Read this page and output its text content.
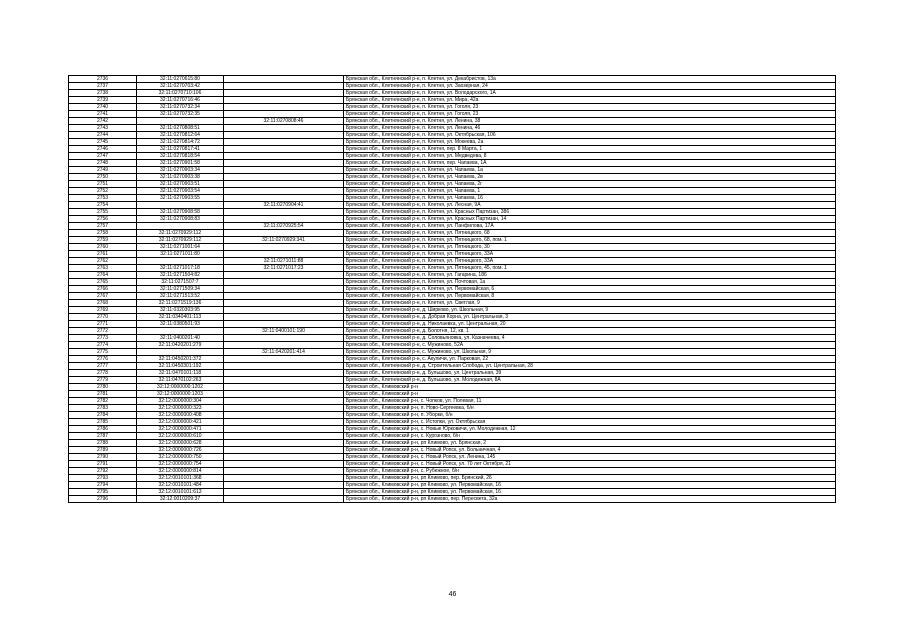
2736	32:11:0270615:80		Брянская обл., Клетнянский р-н, п. Клетня, ул. Декабристов, 13а
2737	32:11:0270703:42		Брянская обл., Клетнянский р-н, п. Клетня, ул. Заозерная, 24
2738	32:11:0270710:106		Брянская обл., Клетнянский р-н, п. Клетня, ул. Володарского, 1А
2739	32:11:0270716:46		Брянская обл., Клетнянский р-н, п. Клетня, ул. Мира, 42а
2740	32:11:0270732:34		Брянская обл., Клетнянский р-н, п. Клетня, ул. Гоголя, 23
2741	32:11:0270732:35		Брянская обл., Клетнянский р-н, п. Клетня, ул. Гоголя, 23
2742		32:11:0270808:46	Брянская обл., Клетнянский р-н, п. Клетня, ул. Ленина, 38
2743	32:11:0270808:51		Брянская обл., Клетнянский р-н, п. Клетня, ул. Ленина, 46
2744	32:11:0270812:64		Брянская обл., Клетнянский р-н, п. Клетня, ул. Октябрьская, 106
2745	32:11:0270814:72		Брянская обл., Клетнянский р-н, п. Клетня, ул. Мокеева, 2а
2746	32:11:0270817:41		Брянская обл., Клетнянский р-н, п. Клетня, пер. 8 Марта, 1
2747	32:11:0270818:54		Брянская обл., Клетнянский р-н, п. Клетня, ул. Медведева, 8
2748	32:11:0270901:58		Брянская обл., Клетнянский р-н, п. Клетня, пер. Чапаева, 1А
2749	32:11:0270903:34		Брянская обл., Клетнянский р-н, п. Клетня, ул. Чапаева, 1а
2750	32:11:0270903:38		Брянская обл., Клетнянский р-н, п. Клетня, ул. Чапаева, 2в
2751	32:11:0270903:51		Брянская обл., Клетнянский р-н, п. Клетня, ул. Чапаева, 2г
2752	32:11:0270903:54		Брянская обл., Клетнянский р-н, п. Клетня, ул. Чапаева, 1
2753	32:11:0270903:55		Брянская обл., Клетнянский р-н, п. Клетня, ул. Чапаева, 16
2754		32:11:0270904:41	Брянская обл., Клетнянский р-н, п. Клетня, ул. Лесная, 9А
2755	32:11:0270908:58		Брянская обл., Клетнянский р-н, п. Клетня, ул. Красных Партизан, 386
2756	32:11:0270908:83		Брянская обл., Клетнянский р-н, п. Клетня, ул. Красных Партизан, 14
2757		32:11:0270925:54	Брянская обл., Клетнянский р-н, п. Клетня, ул. Панфилова, 17А
2758	32:11:0270929:112		Брянская обл., Клетнянский р-н, п. Клетня, ул. Пятницкого, 68
2759	32:11:0270929:112	32:11:0270929:341	Брянская обл., Клетнянский р-н, п. Клетня, ул. Пятницкого, 68, пом. 1
2760	32:11:0271001:64		Брянская обл., Клетнянский р-н, п. Клетня, ул. Пятницкого, 30
2761	32:11:0271011:80		Брянская обл., Клетнянский р-н, п. Клетня, ул. Пятницкого, 33А
2762		32:11:0271011:88	Брянская обл., Клетнянский р-н, п. Клетня, ул. Пятницкого, 33А
2763	32:11:0271017:18	32:11:0271017:23	Брянская обл., Клетнянский р-н, п. Клетня, ул. Пятницкого, 45, пом. 1
2764	32:11:0271504:82		Брянская обл., Клетнянский р-н, п. Клетня, ул. Гагарина, 186
2765	32:11:0271507:7		Брянская обл., Клетнянский р-н, п. Клетня, ул. Почтовая, 1а
2766	32:11:0271509:34		Брянская обл., Клетнянский р-н, п. Клетня, ул. Первомайская, 6
2767	32:11:0271513:52		Брянская обл., Клетнянский р-н, п. Клетня, ул. Первомайская, 8
2768	32:11:0271519:136		Брянская обл., Клетнянский р-н, п. Клетня, ул. Светлая, 9
2769	32:11:0320303:95		Брянская обл., Клетнянский р-н, д. Ширково, ул. Школьная, 9
2770	32:11:0340401:113		Брянская обл., Клетнянский р-н, д. Добрая Корна, ул. Центральная, 3
2771	32:11:0380501:93		Брянская обл., Клетнянский р-н, д. Николаевка, ул. Центральная, 20
2772		32:11:0400101:190	Брянская обл., Клетнянский р-н, д. Болотня, 12, кв. 1
2773	32:11:0400201:40		Брянская обл., Клетнянский р-н, д. Соловьяновка, ул. Казначеева, 4
2774	32:11:0420201:279		Брянская обл., Клетнянский р-н, с. Мужиново, 52А
2775		32:11:0420201:414	Брянская обл., Клетнянский р-н, с. Мужиново, ул. Школьная, 9
2776	32:11:0450201:372		Брянская обл., Клетнянский р-н, с. Акуличи, ул. Парковая, 22
2777	32:11:0450301:192		Брянская обл., Клетнянский р-н, д. Строительная Слобода, ул. Центральная, 28
2778	32:11:0470101:118		Брянская обл., Клетнянский р-н, д. Бульшово, ул. Центральная, 39
2779	32:11:0470102:263		Брянская обл., Клетнянский р-н, д. Бульшово, ул. Молодежная, 8А
2780	32:12:0000000:1202		Брянская обл., Климовский р-н
2781	32:12:0000000:1203		Брянская обл., Климовский р-н
2782	32:12:0000000:304		Брянская обл., Климовский р-н, с. Чопков, ул. Полевая, 11
2783	32:12:0000000:323		Брянская обл., Климовский р-н, п. Ново-Сергеевка, б/н
2784	32:12:0000000:408		Брянская обл., Климовский р-н, п. Уборки, б/н
2785	32:12:0000000:421		Брянская обл., Климовский р-н, с. Истопки, ул. Октябрьская
2786	32:12:0000000:471		Брянская обл., Климовский р-н, с. Новые Юрковичи, ул. Молодежная, 12
2787	32:12:0000000:610		Брянская обл., Климовский р-н, с. Курозново, б/н
2788	32:12:0000000:628		Брянская обл., Климовский р-н, рп Климово, ул. Брянская, 2
2789	32:12:0000000:726		Брянская обл., Климовский р-н, с. Новый Ропск, ул. Больничная, 4
2790	32:12:0000000:750		Брянская обл., Климовский р-н, с. Новый Ропск, ул. Ленина, 145
2791	32:12:0000000:754		Брянская обл., Климовский р-н, с. Новый Ропск, ул. 70 лет Октября, 21
2792	32:12:0000000:814		Брянская обл., Климовский р-н, с. Рубежное, б/н
2793	32:12:0010101:368		Брянская обл., Климовский р-н, рп Климово, пер. Брянский, 26
2794	32:12:0010101:484		Брянская обл., Климовский р-н, рп Климово, ул. Первомайская, 16
2795	32:12:0010101:613		Брянская обл., Климовский р-н, рп Климово, ул. Первомайская, 16
2796	32:12:0010209:37		Брянская обл., Климовский р-н, рп Климово, пер. Пересвета, 32а
46
